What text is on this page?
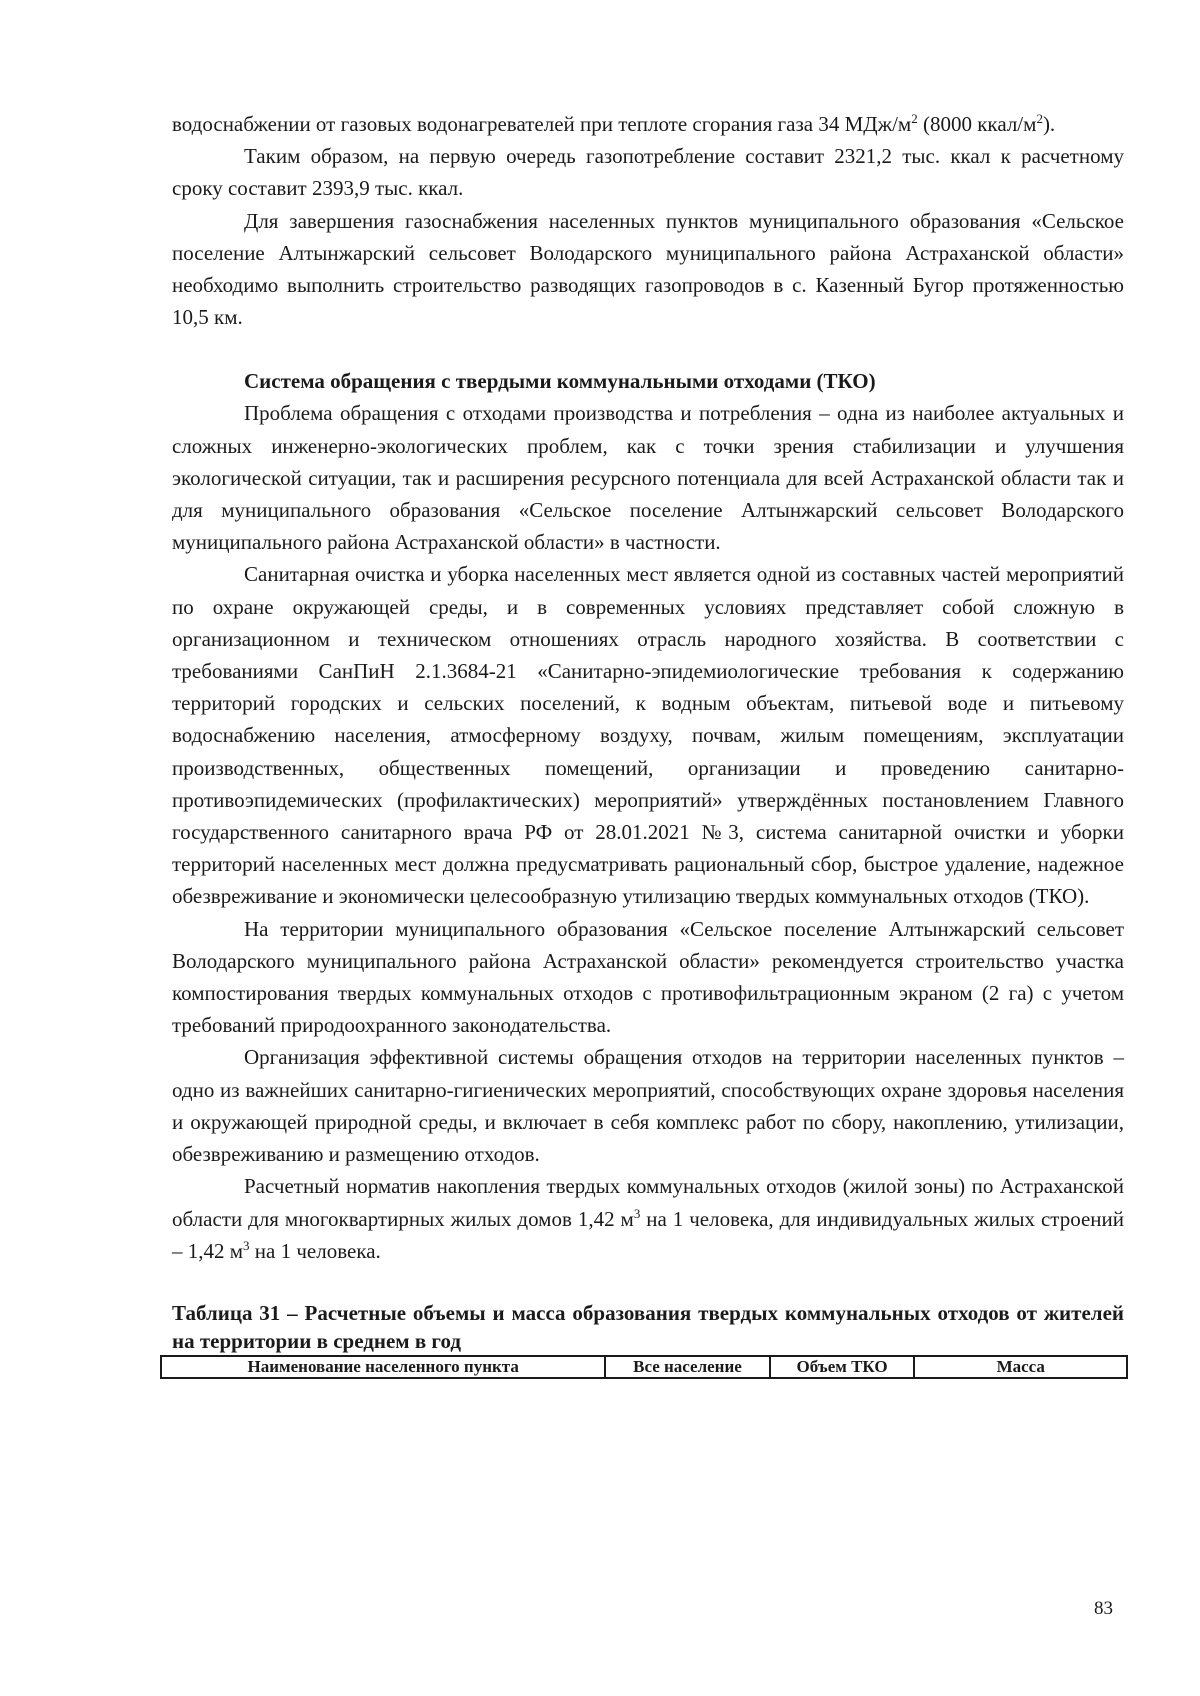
водоснабжении от газовых водонагревателей при теплоте сгорания газа 34 МДж/$м^2$ (8000 ккал/$м^2$).

Таким образом, на первую очередь газопотребление составит 2321,2 тыс. ккал к расчетному сроку составит 2393,9 тыс. ккал.

Для завершения газоснабжения населенных пунктов муниципального образования «Сельское поселение Алтынжарский сельсовет Володарского муниципального района Астраханской области» необходимо выполнить строительство разводящих газопроводов в с. Казенный Бугор протяженностью 10,5 км.

Система обращения с твердыми коммунальными отходами (ТКО)

Проблема обращения с отходами производства и потребления – одна из наиболее актуальных и сложных инженерно-экологических проблем, как с точки зрения стабилизации и улучшения экологической ситуации, так и расширения ресурсного потенциала для всей Астраханской области так и для муниципального образования «Сельское поселение Алтынжарский сельсовет Володарского муниципального района Астраханской области» в частности.

Санитарная очистка и уборка населенных мест является одной из составных частей мероприятий по охране окружающей среды, и в современных условиях представляет собой сложную в организационном и техническом отношениях отрасль народного хозяйства. В соответствии с требованиями СанПиН 2.1.3684-21 «Санитарно-эпидемиологические требования к содержанию территорий городских и сельских поселений, к водным объектам, питьевой воде и питьевому водоснабжению населения, атмосферному воздуху, почвам, жилым помещениям, эксплуатации производственных, общественных помещений, организации и проведению санитарно-противоэпидемических (профилактических) мероприятий» утверждённых постановлением Главного государственного санитарного врача РФ от 28.01.2021 №3, система санитарной очистки и уборки территорий населенных мест должна предусматривать рациональный сбор, быстрое удаление, надежное обезвреживание и экономически целесообразную утилизацию твердых коммунальных отходов (ТКО).

На территории муниципального образования «Сельское поселение Алтынжарский сельсовет Володарского муниципального района Астраханской области» рекомендуется строительство участка компостирования твердых коммунальных отходов с противофильтрационным экраном (2 га) с учетом требований природоохранного законодательства.

Организация эффективной системы обращения отходов на территории населенных пунктов – одно из важнейших санитарно-гигиенических мероприятий, способствующих охране здоровья населения и окружающей природной среды, и включает в себя комплекс работ по сбору, накоплению, утилизации, обезвреживанию и размещению отходов.

Расчетный норматив накопления твердых коммунальных отходов (жилой зоны) по Астраханской области для многоквартирных жилых домов 1,42 $м^3$ на 1 человека, для индивидуальных жилых строений – 1,42 $м^3$ на 1 человека.

Таблица 31 – Расчетные объемы и масса образования твердых коммунальных отходов от жителей на территории в среднем в год

Наименование населенного пункта	Все население	Объем ТКО	Масса
83
